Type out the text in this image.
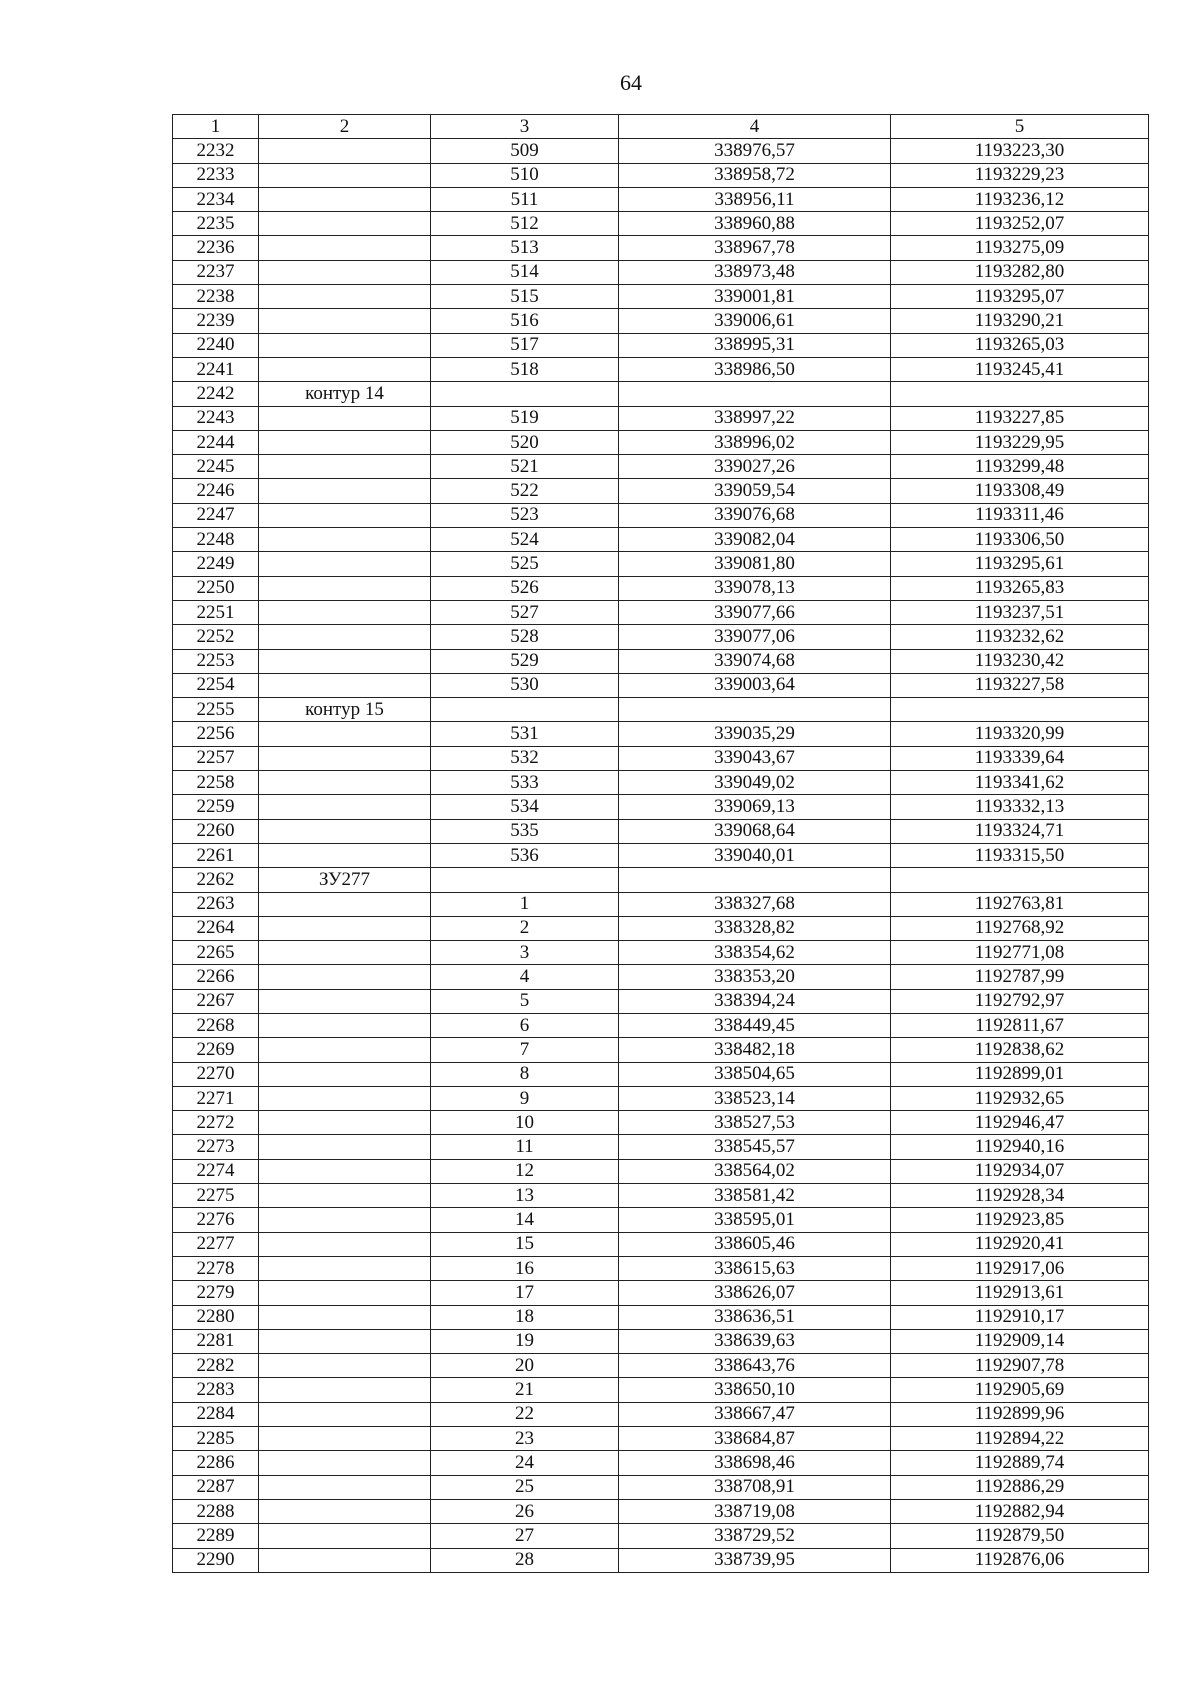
64
1	2	3	4	5
2232		509	338976,57	1193223,30
2233		510	338958,72	1193229,23
2234		511	338956,11	1193236,12
2235		512	338960,88	1193252,07
2236		513	338967,78	1193275,09
2237		514	338973,48	1193282,80
2238		515	339001,81	1193295,07
2239		516	339006,61	1193290,21
2240		517	338995,31	1193265,03
2241		518	338986,50	1193245,41
2242	контур 14			
2243		519	338997,22	1193227,85
2244		520	338996,02	1193229,95
2245		521	339027,26	1193299,48
2246		522	339059,54	1193308,49
2247		523	339076,68	1193311,46
2248		524	339082,04	1193306,50
2249		525	339081,80	1193295,61
2250		526	339078,13	1193265,83
2251		527	339077,66	1193237,51
2252		528	339077,06	1193232,62
2253		529	339074,68	1193230,42
2254		530	339003,64	1193227,58
2255	контур 15			
2256		531	339035,29	1193320,99
2257		532	339043,67	1193339,64
2258		533	339049,02	1193341,62
2259		534	339069,13	1193332,13
2260		535	339068,64	1193324,71
2261		536	339040,01	1193315,50
2262	ЗУ277			
2263		1	338327,68	1192763,81
2264		2	338328,82	1192768,92
2265		3	338354,62	1192771,08
2266		4	338353,20	1192787,99
2267		5	338394,24	1192792,97
2268		6	338449,45	1192811,67
2269		7	338482,18	1192838,62
2270		8	338504,65	1192899,01
2271		9	338523,14	1192932,65
2272		10	338527,53	1192946,47
2273		11	338545,57	1192940,16
2274		12	338564,02	1192934,07
2275		13	338581,42	1192928,34
2276		14	338595,01	1192923,85
2277		15	338605,46	1192920,41
2278		16	338615,63	1192917,06
2279		17	338626,07	1192913,61
2280		18	338636,51	1192910,17
2281		19	338639,63	1192909,14
2282		20	338643,76	1192907,78
2283		21	338650,10	1192905,69
2284		22	338667,47	1192899,96
2285		23	338684,87	1192894,22
2286		24	338698,46	1192889,74
2287		25	338708,91	1192886,29
2288		26	338719,08	1192882,94
2289		27	338729,52	1192879,50
2290		28	338739,95	1192876,06
